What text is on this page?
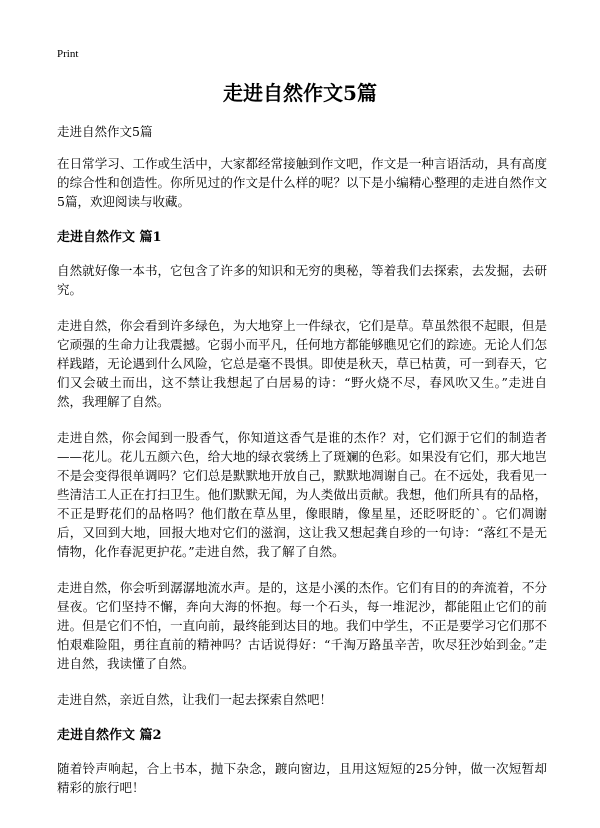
Print
走进自然作文5篇

走进自然作文5篇

在日常学习、工作或生活中，大家都经常接触到作文吧，作文是一种言语活动，具有高度的综合性和创造性。你所见过的作文是什么样的呢？以下是小编精心整理的走进自然作文5篇，欢迎阅读与收藏。

走进自然作文 篇1

自然就好像一本书，它包含了许多的知识和无穷的奥秘，等着我们去探索，去发掘，去研究。

走进自然，你会看到许多绿色，为大地穿上一件绿衣，它们是草。草虽然很不起眼，但是它顽强的生命力让我震撼。它弱小而平凡，任何地方都能够瞧见它们的踪迹。无论人们怎样践踏，无论遇到什么风险，它总是毫不畏惧。即使是秋天，草已枯黄，可一到春天，它们又会破土而出，这不禁让我想起了白居易的诗：“野火烧不尽，春风吹又生。”走进自然，我理解了自然。

走进自然，你会闻到一股香气，你知道这香气是谁的杰作？对，它们源于它们的制造者——花儿。花儿五颜六色，给大地的绿衣裳绣上了斑斓的色彩。如果没有它们，那大地岂不是会变得很单调吗？它们总是默默地开放自己，默默地凋谢自己。在不远处，我看见一些清洁工人正在打扫卫生。他们默默无闻，为人类做出贡献。我想，他们所具有的品格，不正是野花们的品格吗？他们散在草丛里，像眼睛，像星星，还眨呀眨的`。它们凋谢后，又回到大地，回报大地对它们的滋润，这让我又想起龚自珍的一句诗：“落红不是无情物，化作春泥更护花。”走进自然，我了解了自然。

走进自然，你会听到潺潺地流水声。是的，这是小溪的杰作。它们有目的的奔流着，不分昼夜。它们坚持不懈，奔向大海的怀抱。每一个石头，每一堆泥沙，都能阻止它们的前进。但是它们不怕，一直向前，最终能到达目的地。我们中学生，不正是要学习它们那不怕艰难险阻，勇往直前的精神吗？古话说得好：“千淘万路虽辛苦，吹尽狂沙始到金。”走进自然，我读懂了自然。

走进自然，亲近自然，让我们一起去探索自然吧！

走进自然作文 篇2

随着铃声响起，合上书本，抛下杂念，踱向窗边，且用这短短的25分钟，做一次短暂却精彩的旅行吧！
